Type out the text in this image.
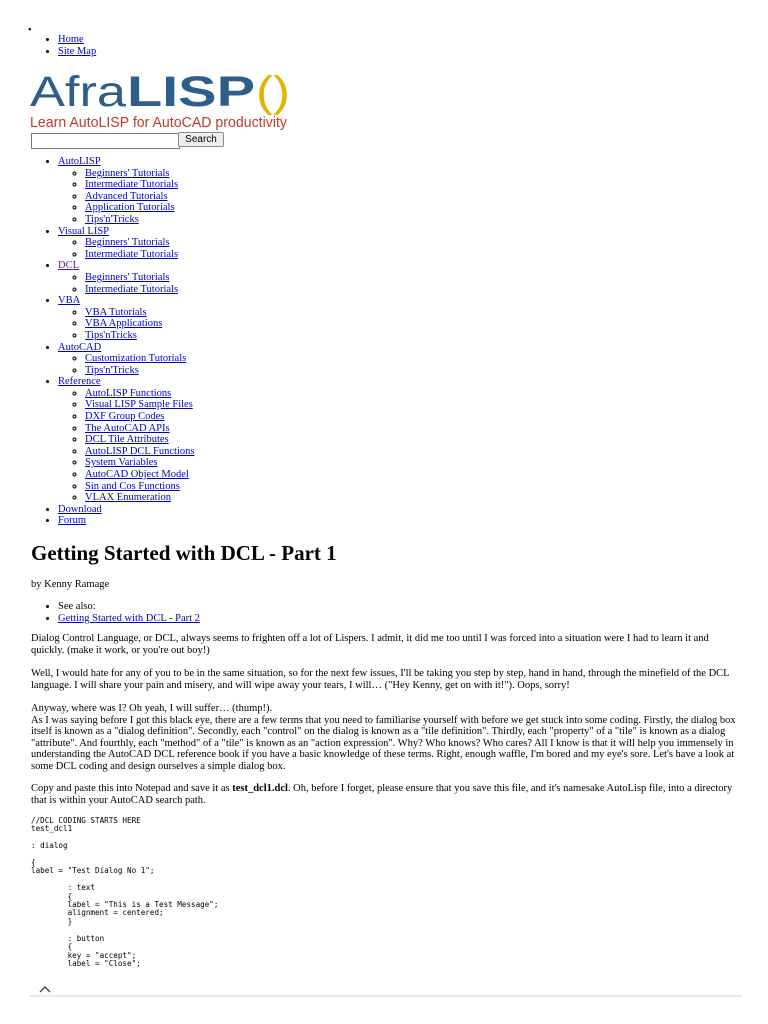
•
• Home
• Site Map
Afra LISP ()
Learn AutoLISP for AutoCAD productivity
Search
• AutoLISP
◦ Beginners' Tutorials
◦ Intermediate Tutorials
◦ Advanced Tutorials
◦ Application Tutorials
◦ Tips'n'Tricks
• Visual LISP
◦ Beginners' Tutorials
◦ Intermediate Tutorials
• DCL
◦ Beginners' Tutorials
◦ Intermediate Tutorials
• VBA
◦ VBA Tutorials
◦ VBA Applications
◦ Tips'nTricks
• AutoCAD
◦ Customization Tutorials
◦ Tips'n'Tricks
• Reference
◦ AutoLISP Functions
◦ Visual LISP Sample Files
◦ DXF Group Codes
◦ The AutoCAD APIs
◦ DCL Tile Attributes
◦ AutoLISP DCL Functions
◦ System Variables
◦ AutoCAD Object Model
◦ Sin and Cos Functions
◦ VLAX Enumeration
• Download
• Forum
Getting Started with DCL - Part 1

by Kenny Ramage

• See also:
• Getting Started with DCL - Part 2

Dialog Control Language, or DCL, always seems to frighten off a lot of Lispers. I admit, it did me too until I was forced into a situation were I had to learn it and quickly. (make it work, or you're out boy!)

Well, I would hate for any of you to be in the same situation, so for the next few issues, I'll be taking you step by step, hand in hand, through the minefield of the DCL language. I will share your pain and misery, and will wipe away your tears, I will… ("Hey Kenny, get on with it!"). Oops, sorry!

Anyway, where was I? Oh yeah, I will suffer… (thump!).
As I was saying before I got this black eye, there are a few terms that you need to familiarise yourself with before we get stuck into some coding. Firstly, the dialog box itself is known as a "dialog definition". Secondly, each "control" on the dialog is known as a "tile definition". Thirdly, each "property" of a "tile" is known as a dialog "attribute". And fourthly, each "method" of a "tile" is known as an "action expression". Why? Who knows? Who cares? All I know is that it will help you immensely in understanding the AutoCAD DCL reference book if you have a basic knowledge of these terms. Right, enough waffle, I'm bored and my eye's sore. Let's have a look at some DCL coding and design ourselves a simple dialog box.

Copy and paste this into Notepad and save it as test_dcl1.dcl. Oh, before I forget, please ensure that you save this file, and it's namesake AutoLisp file, into a directory that is within your AutoCAD search path.

//DCL CODING STARTS HERE
test_dcl1

: dialog

{
label = "Test Dialog No 1";

: text
{
label = "This is a Test Message";
alignment = centered;
}

: button
{
key = "accept";
label = "Close";
